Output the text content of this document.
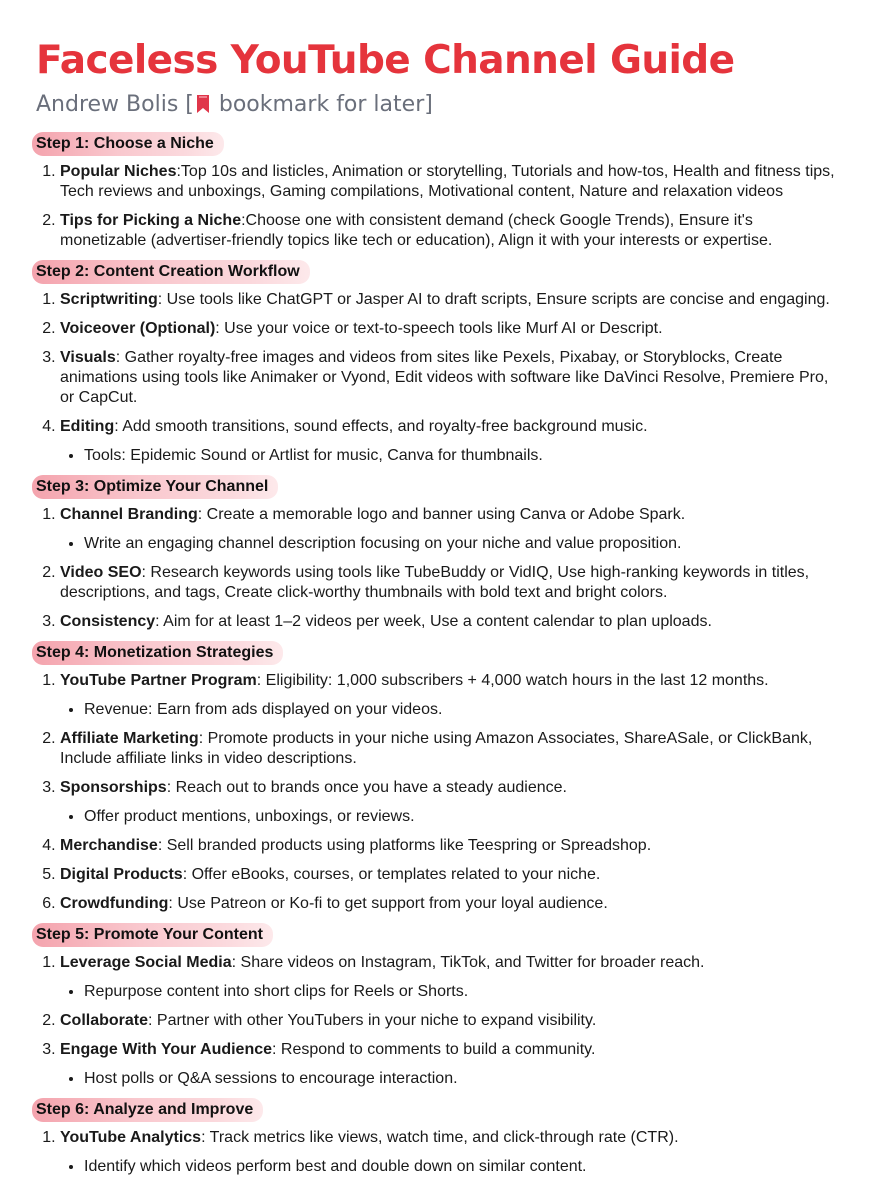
Faceless YouTube Channel Guide
Andrew Bolis [ bookmark for later]
Step 1: Choose a Niche
1. Popular Niches:Top 10s and listicles, Animation or storytelling, Tutorials and how-tos, Health and fitness tips, Tech reviews and unboxings, Gaming compilations, Motivational content, Nature and relaxation videos
2. Tips for Picking a Niche:Choose one with consistent demand (check Google Trends), Ensure it's monetizable (advertiser-friendly topics like tech or education), Align it with your interests or expertise.
Step 2: Content Creation Workflow
1. Scriptwriting: Use tools like ChatGPT or Jasper AI to draft scripts, Ensure scripts are concise and engaging.
2. Voiceover (Optional): Use your voice or text-to-speech tools like Murf AI or Descript.
3. Visuals: Gather royalty-free images and videos from sites like Pexels, Pixabay, or Storyblocks, Create animations using tools like Animaker or Vyond, Edit videos with software like DaVinci Resolve, Premiere Pro, or CapCut.
4. Editing: Add smooth transitions, sound effects, and royalty-free background music.
• Tools: Epidemic Sound or Artlist for music, Canva for thumbnails.
Step 3: Optimize Your Channel
1. Channel Branding: Create a memorable logo and banner using Canva or Adobe Spark.
• Write an engaging channel description focusing on your niche and value proposition.
2. Video SEO: Research keywords using tools like TubeBuddy or VidIQ, Use high-ranking keywords in titles, descriptions, and tags, Create click-worthy thumbnails with bold text and bright colors.
3. Consistency: Aim for at least 1–2 videos per week, Use a content calendar to plan uploads.
Step 4: Monetization Strategies
1. YouTube Partner Program: Eligibility: 1,000 subscribers + 4,000 watch hours in the last 12 months.
• Revenue: Earn from ads displayed on your videos.
2. Affiliate Marketing: Promote products in your niche using Amazon Associates, ShareASale, or ClickBank, Include affiliate links in video descriptions.
3. Sponsorships: Reach out to brands once you have a steady audience.
• Offer product mentions, unboxings, or reviews.
4. Merchandise: Sell branded products using platforms like Teespring or Spreadshop.
5. Digital Products: Offer eBooks, courses, or templates related to your niche.
6. Crowdfunding: Use Patreon or Ko-fi to get support from your loyal audience.
Step 5: Promote Your Content
1. Leverage Social Media: Share videos on Instagram, TikTok, and Twitter for broader reach.
• Repurpose content into short clips for Reels or Shorts.
2. Collaborate: Partner with other YouTubers in your niche to expand visibility.
3. Engage With Your Audience: Respond to comments to build a community.
• Host polls or Q&A sessions to encourage interaction.
Step 6: Analyze and Improve
1. YouTube Analytics: Track metrics like views, watch time, and click-through rate (CTR).
• Identify which videos perform best and double down on similar content.
